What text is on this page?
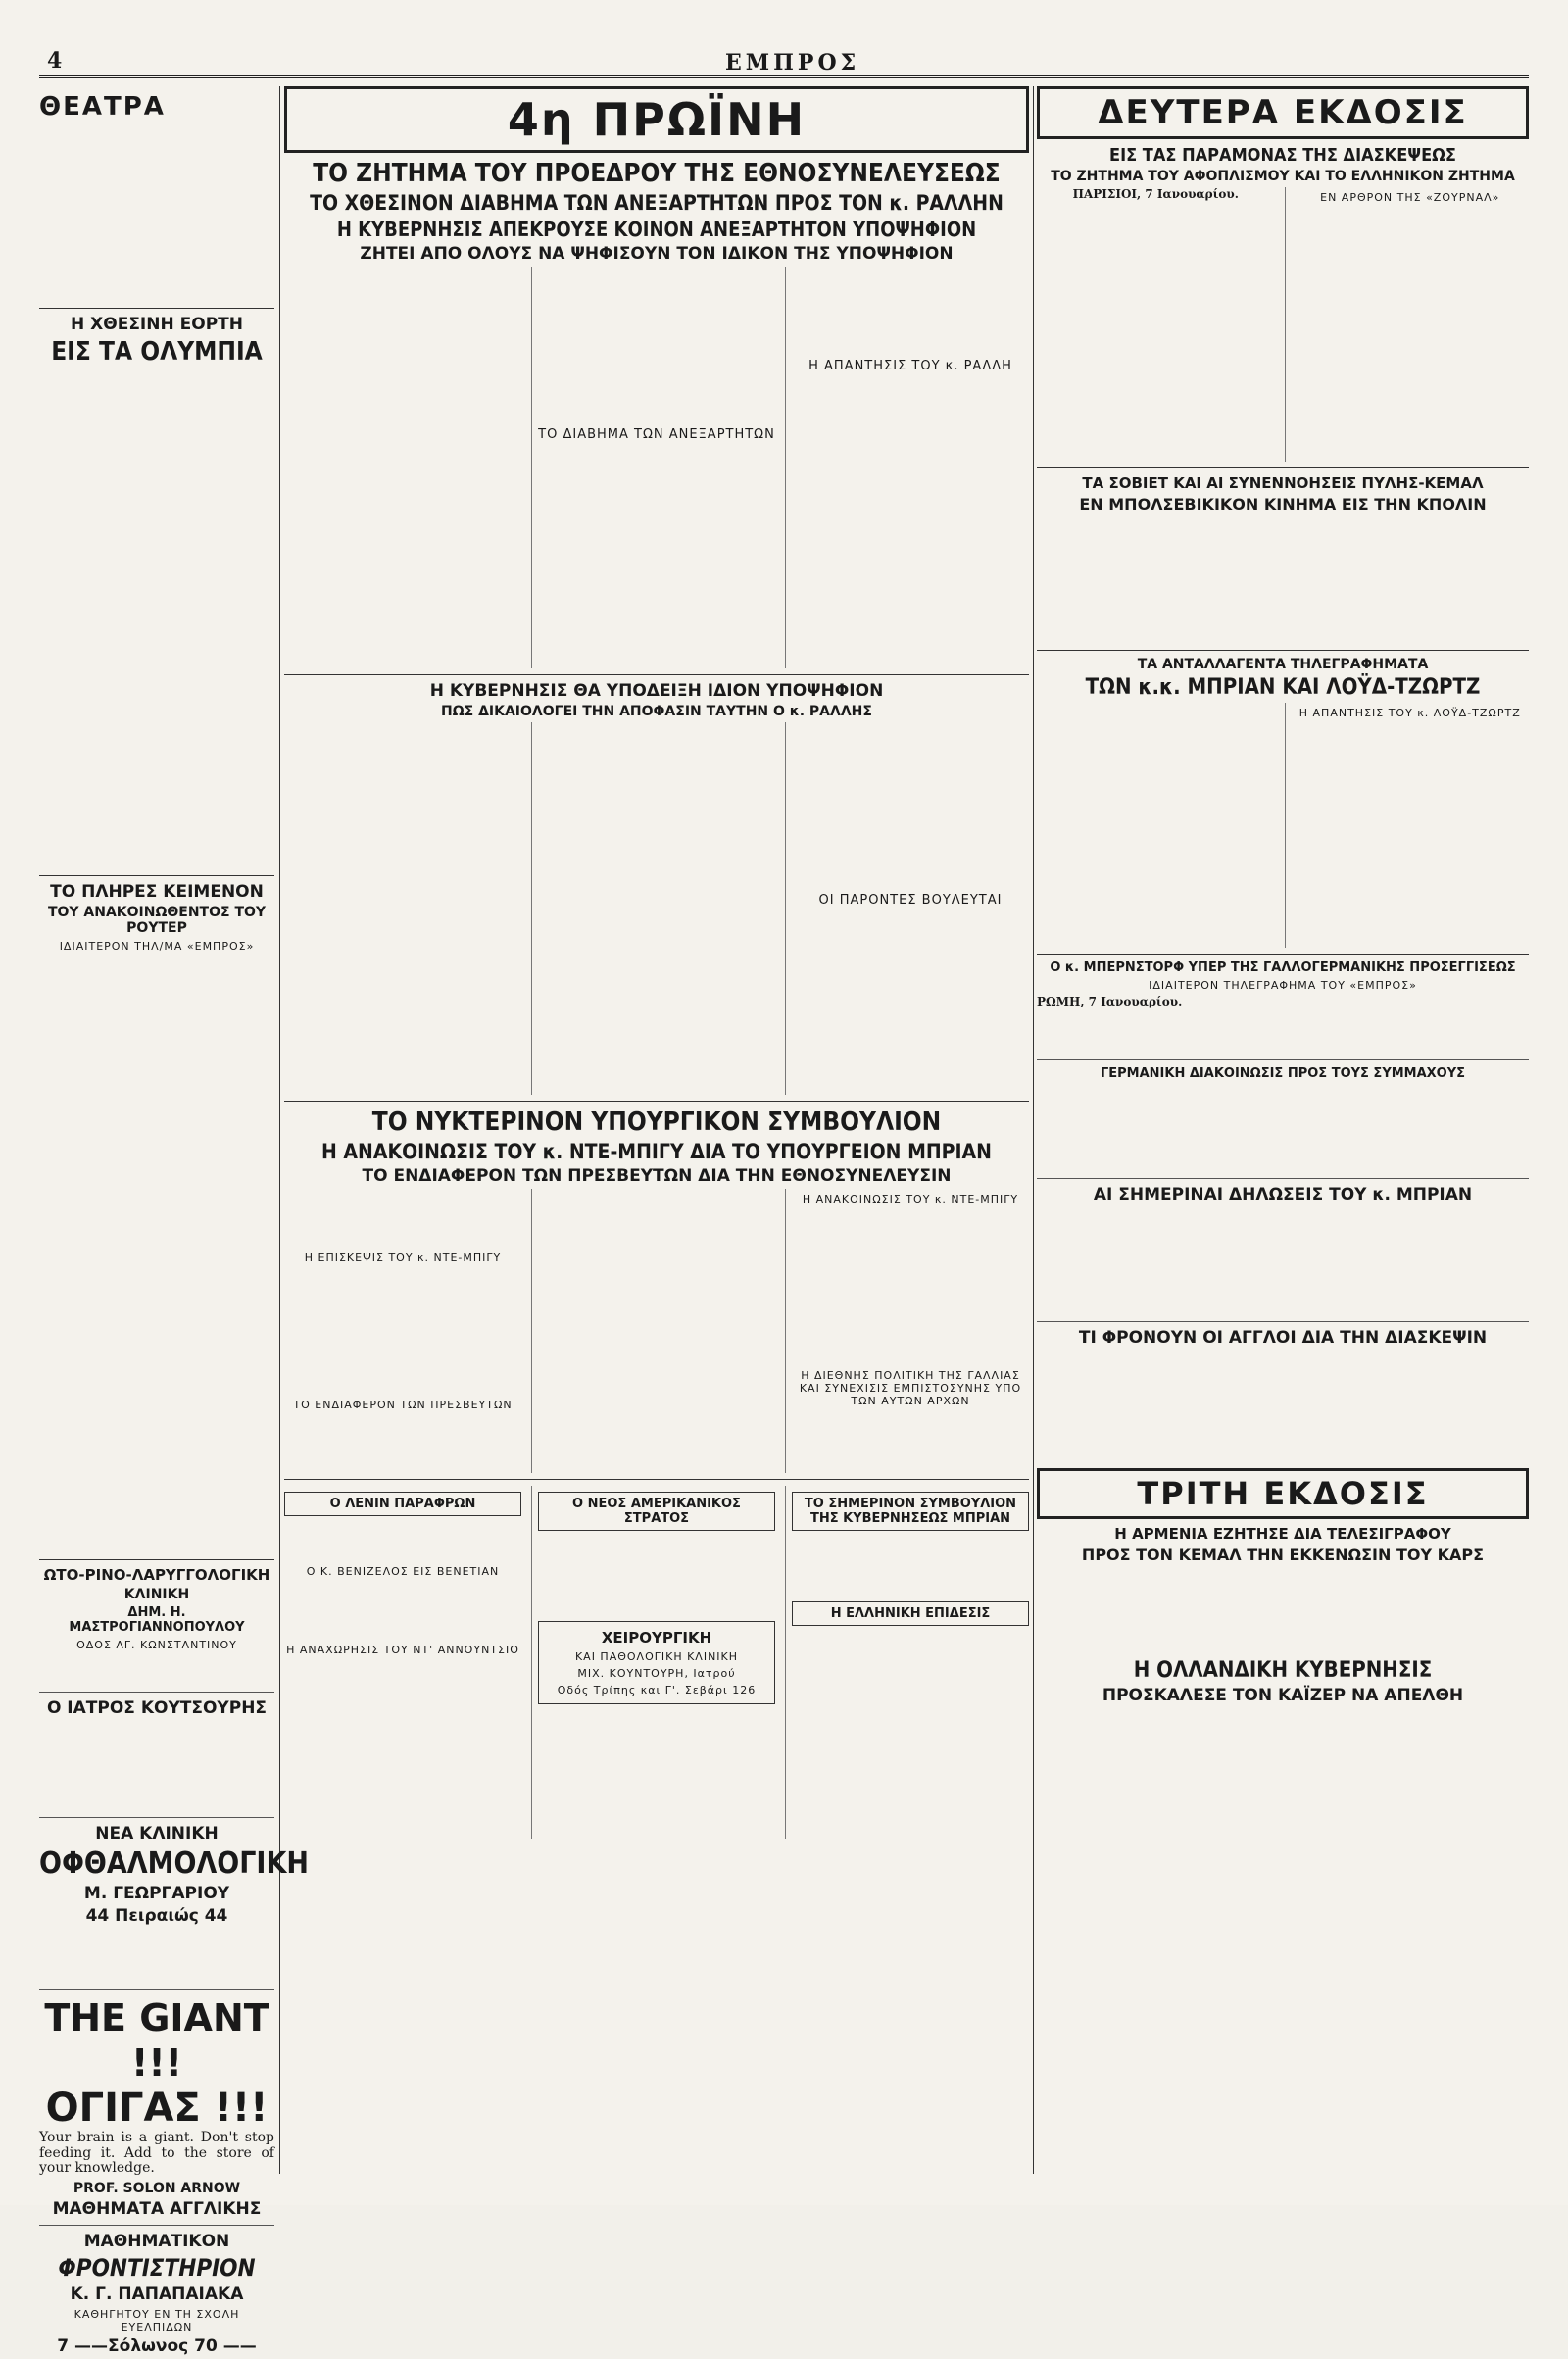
4	ΕΜΠΡΟΣ
ΘΕΑΤΡΑ
Η ΧΘΕΣΙΝΗ ΕΟΡΤΗ
ΕΙΣ ΤΑ ΟΛΥΜΠΙΑ
ΤΟ ΠΛΗΡΕΣ ΚΕΙΜΕΝΟΝ
ΤΟΥ ΑΝΑΚΟΙΝΩΘΕΝΤΟΣ ΤΟΥ ΡΟΥΤΕΡ
ΙΔΙΑΙΤΕΡΟΝ ΤΗΛ/ΜΑ «ΕΜΠΡΟΣ»
ΩΤΟ-ΡΙΝΟ-ΛΑΡΥΓΓΟΛΟΓΙΚΗ
ΚΛΙΝΙΚΗ
ΔΗΜ. Η. ΜΑΣΤΡΟΓΙΑΝΝΟΠΟΥΛΟΥ
ΟΔΟΣ ΑΓ. ΚΩΝΣΤΑΝΤΙΝΟΥ
Ο ΙΑΤΡΟΣ ΚΟΥΤΣΟΥΡΗΣ
ΝΕΑ ΚΛΙΝΙΚΗ
ΟΦΘΑΛΜΟΛΟΓΙΚΗ
Μ. ΓΕΩΡΓΑΡΙΟΥ
44 Πειραιώς 44
THE GIANT !!!
ΟΓΙΓΑΣ !!!
Your brain is a giant. Don't stop feeding it. Add to the store of your knowledge.
PROF. SOLON ARNOW
ΜΑΘΗΜΑΤΑ ΑΓΓΛΙΚΗΣ
ΜΑΘΗΜΑΤΙΚΟΝ
ΦΡΟΝΤΙΣΤΗΡΙΟΝ
Κ. Γ. ΠΑΠΑΠΑΙΑΚΑ
ΚΑΘΗΓΗΤΟΥ ΕΝ ΤΗ ΣΧΟΛΗ ΕΥΕΛΠΙΔΩΝ
7 ——Σόλωνος 70 ——
4η ΠΡΩΪΝΗ
ΤΟ ΖΗΤΗΜΑ ΤΟΥ ΠΡΟΕΔΡΟΥ ΤΗΣ ΕΘΝΟΣΥΝΕΛΕΥΣΕΩΣ
ΤΟ ΧΘΕΣΙΝΟΝ ΔΙΑΒΗΜΑ ΤΩΝ ΑΝΕΞΑΡΤΗΤΩΝ ΠΡΟΣ ΤΟΝ κ. ΡΑΛΛΗΝ
Η ΚΥΒΕΡΝΗΣΙΣ ΑΠΕΚΡΟΥΣΕ ΚΟΙΝΟΝ ΑΝΕΞΑΡΤΗΤΟΝ ΥΠΟΨΗΦΙΟΝ
ΖΗΤΕΙ ΑΠΟ ΟΛΟΥΣ ΝΑ ΨΗΦΙΣΟΥΝ ΤΟΝ ΙΔΙΚΟΝ ΤΗΣ ΥΠΟΨΗΦΙΟΝ
ΤΟ ΔΙΑΒΗΜΑ ΤΩΝ ΑΝΕΞΑΡΤΗΤΩΝ
Η ΑΠΑΝΤΗΣΙΣ ΤΟΥ κ. ΡΑΛΛΗ
Η ΚΥΒΕΡΝΗΣΙΣ ΘΑ ΥΠΟΔΕΙΞΗ ΙΔΙΟΝ ΥΠΟΨΗΦΙΟΝ
ΠΩΣ ΔΙΚΑΙΟΛΟΓΕΙ ΤΗΝ ΑΠΟΦΑΣΙΝ ΤΑΥΤΗΝ Ο κ. ΡΑΛΛΗΣ
ΟΙ ΠΑΡΟΝΤΕΣ ΒΟΥΛΕΥΤΑΙ
ΤΟ ΝΥΚΤΕΡΙΝΟΝ ΥΠΟΥΡΓΙΚΟΝ ΣΥΜΒΟΥΛΙΟΝ
Η ΑΝΑΚΟΙΝΩΣΙΣ ΤΟΥ κ. ΝΤΕ-ΜΠΙΓΥ ΔΙΑ ΤΟ ΥΠΟΥΡΓΕΙΟΝ ΜΠΡΙΑΝ
ΤΟ ΕΝΔΙΑΦΕΡΟΝ ΤΩΝ ΠΡΕΣΒΕΥΤΩΝ ΔΙΑ ΤΗΝ ΕΘΝΟΣΥΝΕΛΕΥΣΙΝ
Η ΕΠΙΣΚΕΨΙΣ ΤΟΥ κ. ΝΤΕ-ΜΠΙΓΥ
ΤΟ ΕΝΔΙΑΦΕΡΟΝ ΤΩΝ ΠΡΕΣΒΕΥΤΩΝ
Η ΑΝΑΚΟΙΝΩΣΙΣ ΤΟΥ κ. ΝΤΕ-ΜΠΙΓΥ
Η ΔΙΕΘΝΗΣ ΠΟΛΙΤΙΚΗ ΤΗΣ ΓΑΛΛΙΑΣ ΚΑΙ ΣΥΝΕΧΙΣΙΣ ΕΜΠΙΣΤΟΣΥΝΗΣ ΥΠΟ ΤΩΝ ΑΥΤΩΝ ΑΡΧΩΝ
Ο ΛΕΝΙΝ ΠΑΡΑΦΡΩΝ
Ο Κ. ΒΕΝΙΖΕΛΟΣ ΕΙΣ ΒΕΝΕΤΙΑΝ
Η ΑΝΑΧΩΡΗΣΙΣ ΤΟΥ ΝΤ' ΑΝΝΟΥΝΤΣΙΟ
Ο ΝΕΟΣ ΑΜΕΡΙΚΑΝΙΚΟΣ ΣΤΡΑΤΟΣ
ΧΕΙΡΟΥΡΓΙΚΗ
ΚΑΙ ΠΑΘΟΛΟΓΙΚΗ ΚΛΙΝΙΚΗ
ΜΙΧ. ΚΟΥΝΤΟΥΡΗ, Ιατρού
Οδός Τρίπης και Γ'. Σεβάρι 126
ΤΟ ΣΗΜΕΡΙΝΟΝ ΣΥΜΒΟΥΛΙΟΝ ΤΗΣ ΚΥΒΕΡΝΗΣΕΩΣ ΜΠΡΙΑΝ
Η ΕΛΛΗΝΙΚΗ ΕΠΙΔΕΣΙΣ
ΔΕΥΤΕΡΑ ΕΚΔΟΣΙΣ
ΕΙΣ ΤΑΣ ΠΑΡΑΜΟΝΑΣ ΤΗΣ ΔΙΑΣΚΕΨΕΩΣ
ΤΟ ΖΗΤΗΜΑ ΤΟΥ ΑΦΟΠΛΙΣΜΟΥ ΚΑΙ ΤΟ ΕΛΛΗΝΙΚΟΝ ΖΗΤΗΜΑ
ΠΑΡΙΣΙΟΙ, 7 Ιανουαρίου.	ΕΝ ΑΡΘΡΟΝ ΤΗΣ «ΖΟΥΡΝΑΛ»
ΤΑ ΣΟΒΙΕΤ ΚΑΙ ΑΙ ΣΥΝΕΝΝΟΗΣΕΙΣ ΠΥΛΗΣ-ΚΕΜΑΛ
ΕΝ ΜΠΟΛΣΕΒΙΚΙΚΟΝ ΚΙΝΗΜΑ ΕΙΣ ΤΗΝ ΚΠΟΛΙΝ
ΤΑ ΑΝΤΑΛΛΑΓΕΝΤΑ ΤΗΛΕΓΡΑΦΗΜΑΤΑ
ΤΩΝ κ.κ. ΜΠΡΙΑΝ ΚΑΙ ΛΟΫΔ-ΤΖΩΡΤΖ
Η ΑΠΑΝΤΗΣΙΣ ΤΟΥ κ. ΛΟΫΔ-ΤΖΩΡΤΖ
Ο κ. ΜΠΕΡΝΣΤΟΡΦ ΥΠΕΡ ΤΗΣ ΓΑΛΛΟΓΕΡΜΑΝΙΚΗΣ ΠΡΟΣΕΓΓΙΣΕΩΣ
ΙΔΙΑΙΤΕΡΟΝ ΤΗΛΕΓΡΑΦΗΜΑ ΤΟΥ «ΕΜΠΡΟΣ»
ΡΩΜΗ, 7 Ιανουαρίου.
ΓΕΡΜΑΝΙΚΗ ΔΙΑΚΟΙΝΩΣΙΣ ΠΡΟΣ ΤΟΥΣ ΣΥΜΜΑΧΟΥΣ
ΑΙ ΣΗΜΕΡΙΝΑΙ ΔΗΛΩΣΕΙΣ ΤΟΥ κ. ΜΠΡΙΑΝ
ΤΙ ΦΡΟΝΟΥΝ ΟΙ ΑΓΓΛΟΙ ΔΙΑ ΤΗΝ ΔΙΑΣΚΕΨΙΝ
ΤΡΙΤΗ ΕΚΔΟΣΙΣ
Η ΑΡΜΕΝΙΑ ΕΖΗΤΗΣΕ ΔΙΑ ΤΕΛΕΣΙΓΡΑΦΟΥ
ΠΡΟΣ ΤΟΝ ΚΕΜΑΛ ΤΗΝ ΕΚΚΕΝΩΣΙΝ ΤΟΥ ΚΑΡΣ
Η ΟΛΛΑΝΔΙΚΗ ΚΥΒΕΡΝΗΣΙΣ
ΠΡΟΣΚΑΛΕΣΕ ΤΟΝ ΚΑΪΖΕΡ ΝΑ ΑΠΕΛΘΗ
